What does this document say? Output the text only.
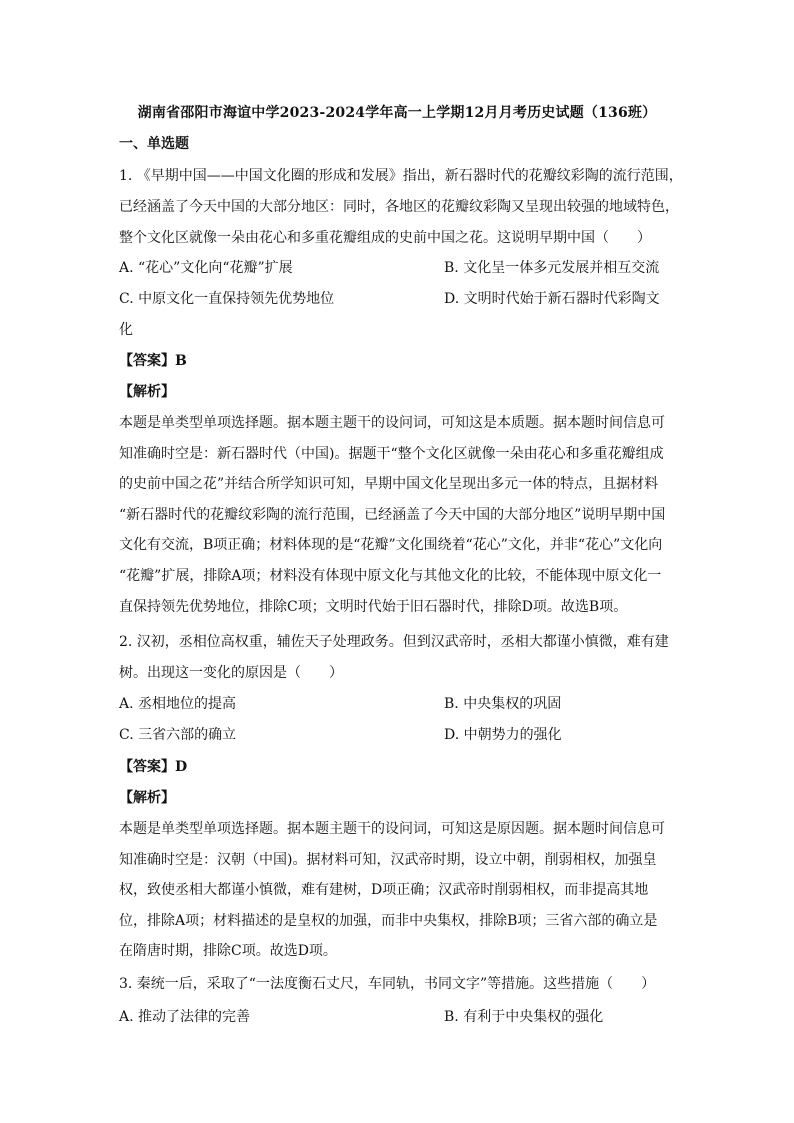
湖南省邵阳市海谊中学2023-2024学年高一上学期12月月考历史试题（136班）
一、单选题
1. 《早期中国——中国文化圈的形成和发展》指出，新石器时代的花瓣纹彩陶的流行范围，
已经涵盖了今天中国的大部分地区：同时，各地区的花瓣纹彩陶又呈现出较强的地域特色，
整个文化区就像一朵由花心和多重花瓣组成的史前中国之花。这说明早期中国（　　）
A. “花心”文化向“花瓣”扩展	B. 文化呈一体多元发展并相互交流
C. 中原文化一直保持领先优势地位	D. 文明时代始于新石器时代彩陶文
化
【答案】B
【解析】
本题是单类型单项选择题。据本题主题干的设问词，可知这是本质题。据本题时间信息可
知准确时空是：新石器时代（中国)。据题干“整个文化区就像一朵由花心和多重花瓣组成
的史前中国之花”并结合所学知识可知，早期中国文化呈现出多元一体的特点，且据材料
“新石器时代的花瓣纹彩陶的流行范围，已经涵盖了今天中国的大部分地区”说明早期中国
文化有交流，B项正确；材料体现的是“花瓣”文化围绕着“花心”文化，并非“花心”文化向
“花瓣”扩展，排除A项；材料没有体现中原文化与其他文化的比较，不能体现中原文化一
直保持领先优势地位，排除C项；文明时代始于旧石器时代，排除D项。故选B项。
2. 汉初，丞相位高权重，辅佐天子处理政务。但到汉武帝时，丞相大都谨小慎微，难有建
树。出现这一变化的原因是（　　）
A. 丞相地位的提高	B. 中央集权的巩固
C. 三省六部的确立	D. 中朝势力的强化
【答案】D
【解析】
本题是单类型单项选择题。据本题主题干的设问词，可知这是原因题。据本题时间信息可
知准确时空是：汉朝（中国)。据材料可知，汉武帝时期，设立中朝，削弱相权，加强皇
权，致使丞相大都谨小慎微，难有建树，D项正确；汉武帝时削弱相权，而非提高其地
位，排除A项；材料描述的是皇权的加强，而非中央集权，排除B项；三省六部的确立是
在隋唐时期，排除C项。故选D项。
3. 秦统一后，采取了“一法度衡石丈尺，车同轨，书同文字”等措施。这些措施（　　）
A. 推动了法律的完善	B. 有利于中央集权的强化
